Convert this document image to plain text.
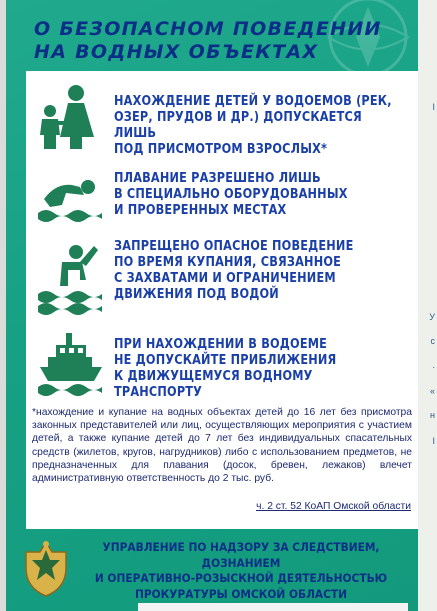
О БЕЗОПАСНОМ ПОВЕДЕНИИ
НА ВОДНЫХ ОБЪЕКТАХ
НАХОЖДЕНИЕ ДЕТЕЙ У ВОДОЕМОВ (РЕК,
ОЗЕР, ПРУДОВ И ДР.) ДОПУСКАЕТСЯ ЛИШЬ
ПОД ПРИСМОТРОМ ВЗРОСЛЫХ*
ПЛАВАНИЕ РАЗРЕШЕНО ЛИШЬ
В СПЕЦИАЛЬНО ОБОРУДОВАННЫХ
И ПРОВЕРЕННЫХ МЕСТАХ
ЗАПРЕЩЕНО ОПАСНОЕ ПОВЕДЕНИЕ
ПО ВРЕМЯ КУПАНИЯ, СВЯЗАННОЕ
С ЗАХВАТАМИ И ОГРАНИЧЕНИЕМ
ДВИЖЕНИЯ ПОД ВОДОЙ
ПРИ НАХОЖДЕНИИ В ВОДОЕМЕ
НЕ ДОПУСКАЙТЕ ПРИБЛИЖЕНИЯ
К ДВИЖУЩЕМУСЯ ВОДНОМУ ТРАНСПОРТУ
*нахождение и купание на водных объектах детей до 16 лет без присмотра законных представителей или лиц, осуществляющих мероприятия с участием детей, а также купание детей до 7 лет без индивидуальных спасательных средств (жилетов, кругов, нагрудников) либо с использованием предметов, не предназначенных для плавания (досок, бревен, лежаков) влечет административную ответственность до 2 тыс. руб.
ч. 2 ст. 52 КоАП Омской области
УПРАВЛЕНИЕ ПО НАДЗОРУ ЗА СЛЕДСТВИЕМ, ДОЗНАНИЕМ
И ОПЕРАТИВНО-РОЗЫСКНОЙ ДЕЯТЕЛЬНОСТЬЮ
ПРОКУРАТУРЫ ОМСКОЙ ОБЛАСТИ
I
У
с
.
«
н
I
